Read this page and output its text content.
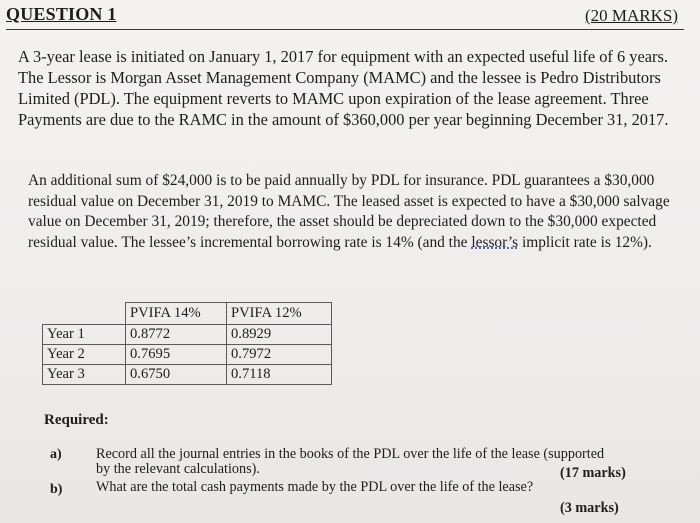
QUESTION 1	(20 MARKS)

A 3-year lease is initiated on January 1, 2017 for equipment with an expected useful life of 6 years. The Lessor is Morgan Asset Management Company (MAMC) and the lessee is Pedro Distributors Limited (PDL). The equipment reverts to MAMC upon expiration of the lease agreement. Three Payments are due to the RAMC in the amount of $360,000 per year beginning December 31, 2017.

An additional sum of $24,000 is to be paid annually by PDL for insurance. PDL guarantees a $30,000 residual value on December 31, 2019 to MAMC. The leased asset is expected to have a $30,000 salvage value on December 31, 2019; therefore, the asset should be depreciated down to the $30,000 expected residual value. The lessee’s incremental borrowing rate is 14% (and the lessor’s implicit rate is 12%).

	PVIFA 14%	PVIFA 12%
Year 1	0.8772	0.8929
Year 2	0.7695	0.7972
Year 3	0.6750	0.7118

Required:

a) Record all the journal entries in the books of the PDL over the life of the lease (supported

by the relevant calculations).	(17 marks)
b) What are the total cash payments made by the PDL over the life of the lease?

(3 marks)
